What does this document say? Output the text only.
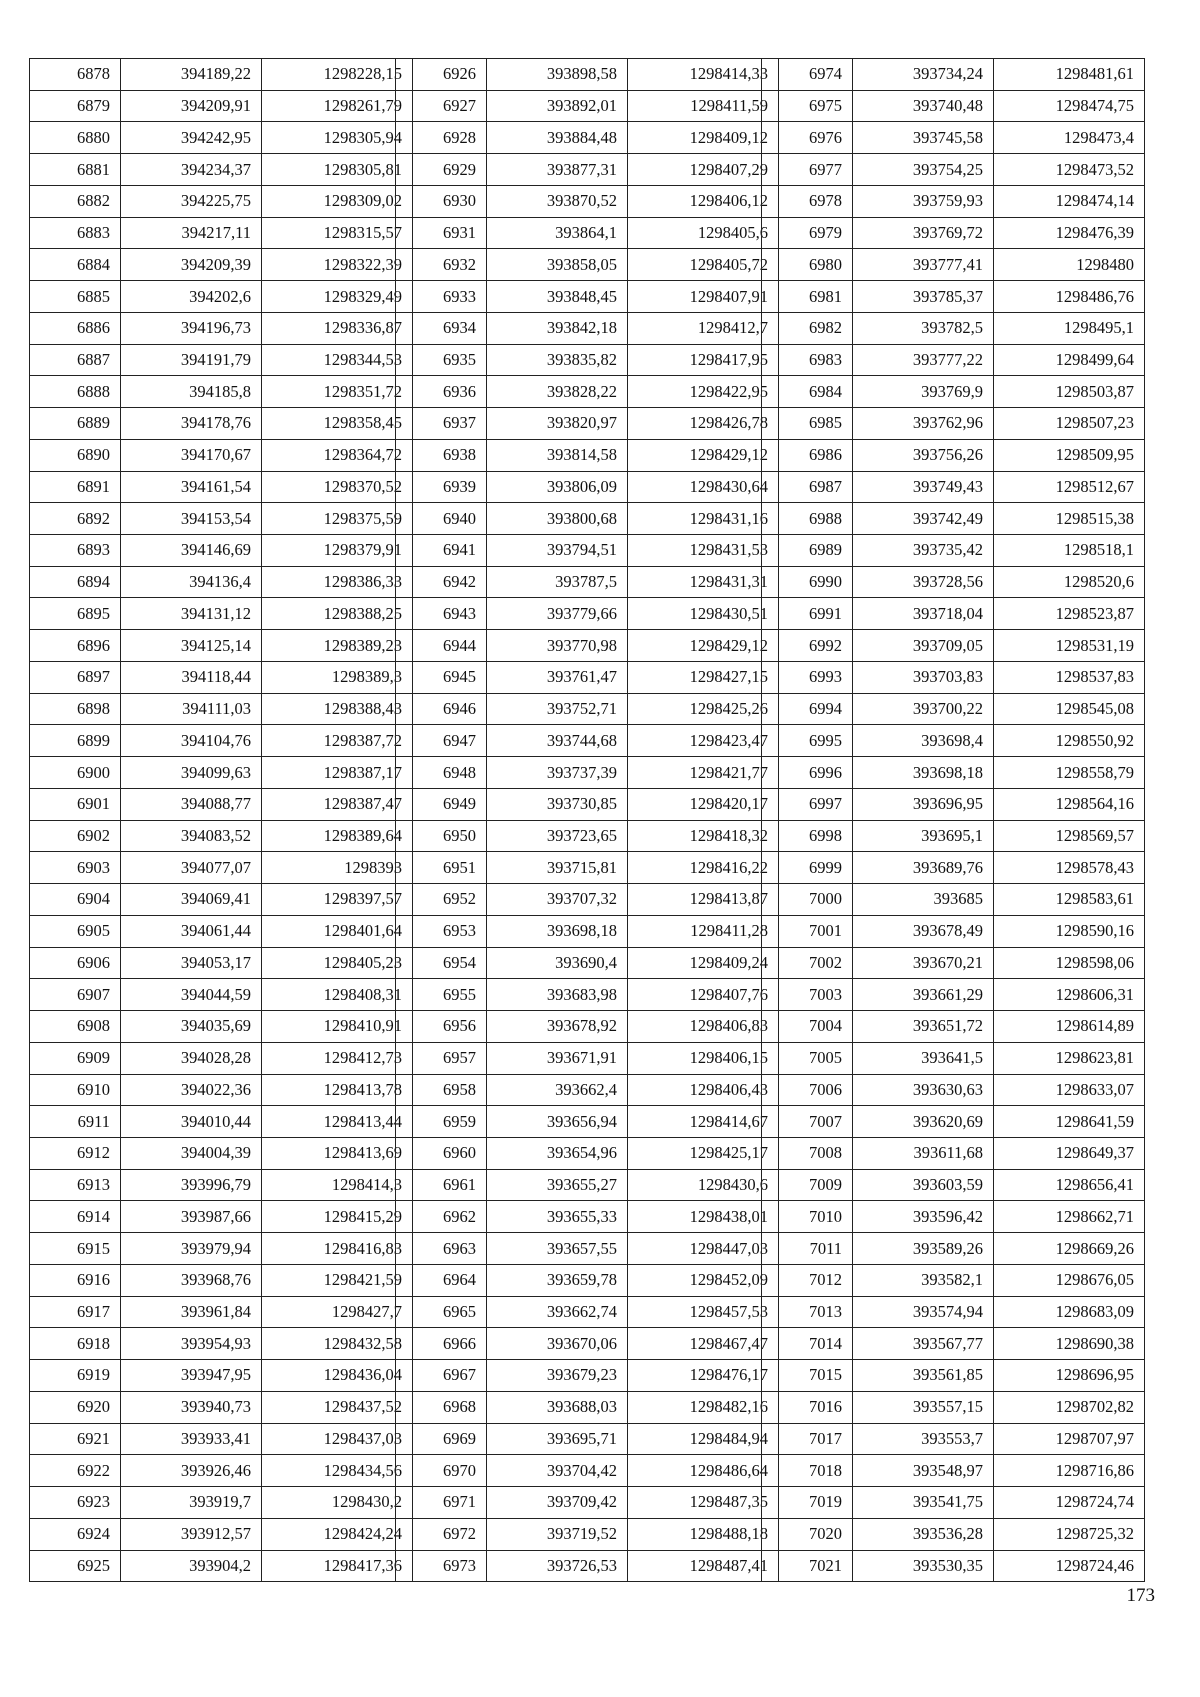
6878	394189,22	1298228,15
6879	394209,91	1298261,79
6880	394242,95	1298305,94
6881	394234,37	1298305,81
6882	394225,75	1298309,02
6883	394217,11	1298315,57
6884	394209,39	1298322,39
6885	394202,6	1298329,49
6886	394196,73	1298336,87
6887	394191,79	1298344,53
6888	394185,8	1298351,72
6889	394178,76	1298358,45
6890	394170,67	1298364,72
6891	394161,54	1298370,52
6892	394153,54	1298375,59
6893	394146,69	1298379,91
6894	394136,4	1298386,33
6895	394131,12	1298388,25
6896	394125,14	1298389,23
6897	394118,44	1298389,3
6898	394111,03	1298388,43
6899	394104,76	1298387,72
6900	394099,63	1298387,17
6901	394088,77	1298387,47
6902	394083,52	1298389,64
6903	394077,07	1298393
6904	394069,41	1298397,57
6905	394061,44	1298401,64
6906	394053,17	1298405,23
6907	394044,59	1298408,31
6908	394035,69	1298410,91
6909	394028,28	1298412,73
6910	394022,36	1298413,78
6911	394010,44	1298413,44
6912	394004,39	1298413,69
6913	393996,79	1298414,3
6914	393987,66	1298415,29
6915	393979,94	1298416,83
6916	393968,76	1298421,59
6917	393961,84	1298427,7
6918	393954,93	1298432,58
6919	393947,95	1298436,04
6920	393940,73	1298437,52
6921	393933,41	1298437,03
6922	393926,46	1298434,56
6923	393919,7	1298430,2
6924	393912,57	1298424,24
6925	393904,2	1298417,36
6926	393898,58	1298414,33
6927	393892,01	1298411,59
6928	393884,48	1298409,12
6929	393877,31	1298407,29
6930	393870,52	1298406,12
6931	393864,1	1298405,6
6932	393858,05	1298405,72
6933	393848,45	1298407,91
6934	393842,18	1298412,7
6935	393835,82	1298417,95
6936	393828,22	1298422,95
6937	393820,97	1298426,78
6938	393814,58	1298429,12
6939	393806,09	1298430,64
6940	393800,68	1298431,16
6941	393794,51	1298431,53
6942	393787,5	1298431,31
6943	393779,66	1298430,51
6944	393770,98	1298429,12
6945	393761,47	1298427,15
6946	393752,71	1298425,26
6947	393744,68	1298423,47
6948	393737,39	1298421,77
6949	393730,85	1298420,17
6950	393723,65	1298418,32
6951	393715,81	1298416,22
6952	393707,32	1298413,87
6953	393698,18	1298411,28
6954	393690,4	1298409,24
6955	393683,98	1298407,76
6956	393678,92	1298406,83
6957	393671,91	1298406,15
6958	393662,4	1298406,43
6959	393656,94	1298414,67
6960	393654,96	1298425,17
6961	393655,27	1298430,6
6962	393655,33	1298438,01
6963	393657,55	1298447,03
6964	393659,78	1298452,09
6965	393662,74	1298457,53
6966	393670,06	1298467,47
6967	393679,23	1298476,17
6968	393688,03	1298482,16
6969	393695,71	1298484,94
6970	393704,42	1298486,64
6971	393709,42	1298487,35
6972	393719,52	1298488,18
6973	393726,53	1298487,41
6974	393734,24	1298481,61
6975	393740,48	1298474,75
6976	393745,58	1298473,4
6977	393754,25	1298473,52
6978	393759,93	1298474,14
6979	393769,72	1298476,39
6980	393777,41	1298480
6981	393785,37	1298486,76
6982	393782,5	1298495,1
6983	393777,22	1298499,64
6984	393769,9	1298503,87
6985	393762,96	1298507,23
6986	393756,26	1298509,95
6987	393749,43	1298512,67
6988	393742,49	1298515,38
6989	393735,42	1298518,1
6990	393728,56	1298520,6
6991	393718,04	1298523,87
6992	393709,05	1298531,19
6993	393703,83	1298537,83
6994	393700,22	1298545,08
6995	393698,4	1298550,92
6996	393698,18	1298558,79
6997	393696,95	1298564,16
6998	393695,1	1298569,57
6999	393689,76	1298578,43
7000	393685	1298583,61
7001	393678,49	1298590,16
7002	393670,21	1298598,06
7003	393661,29	1298606,31
7004	393651,72	1298614,89
7005	393641,5	1298623,81
7006	393630,63	1298633,07
7007	393620,69	1298641,59
7008	393611,68	1298649,37
7009	393603,59	1298656,41
7010	393596,42	1298662,71
7011	393589,26	1298669,26
7012	393582,1	1298676,05
7013	393574,94	1298683,09
7014	393567,77	1298690,38
7015	393561,85	1298696,95
7016	393557,15	1298702,82
7017	393553,7	1298707,97
7018	393548,97	1298716,86
7019	393541,75	1298724,74
7020	393536,28	1298725,32
7021	393530,35	1298724,46
173
